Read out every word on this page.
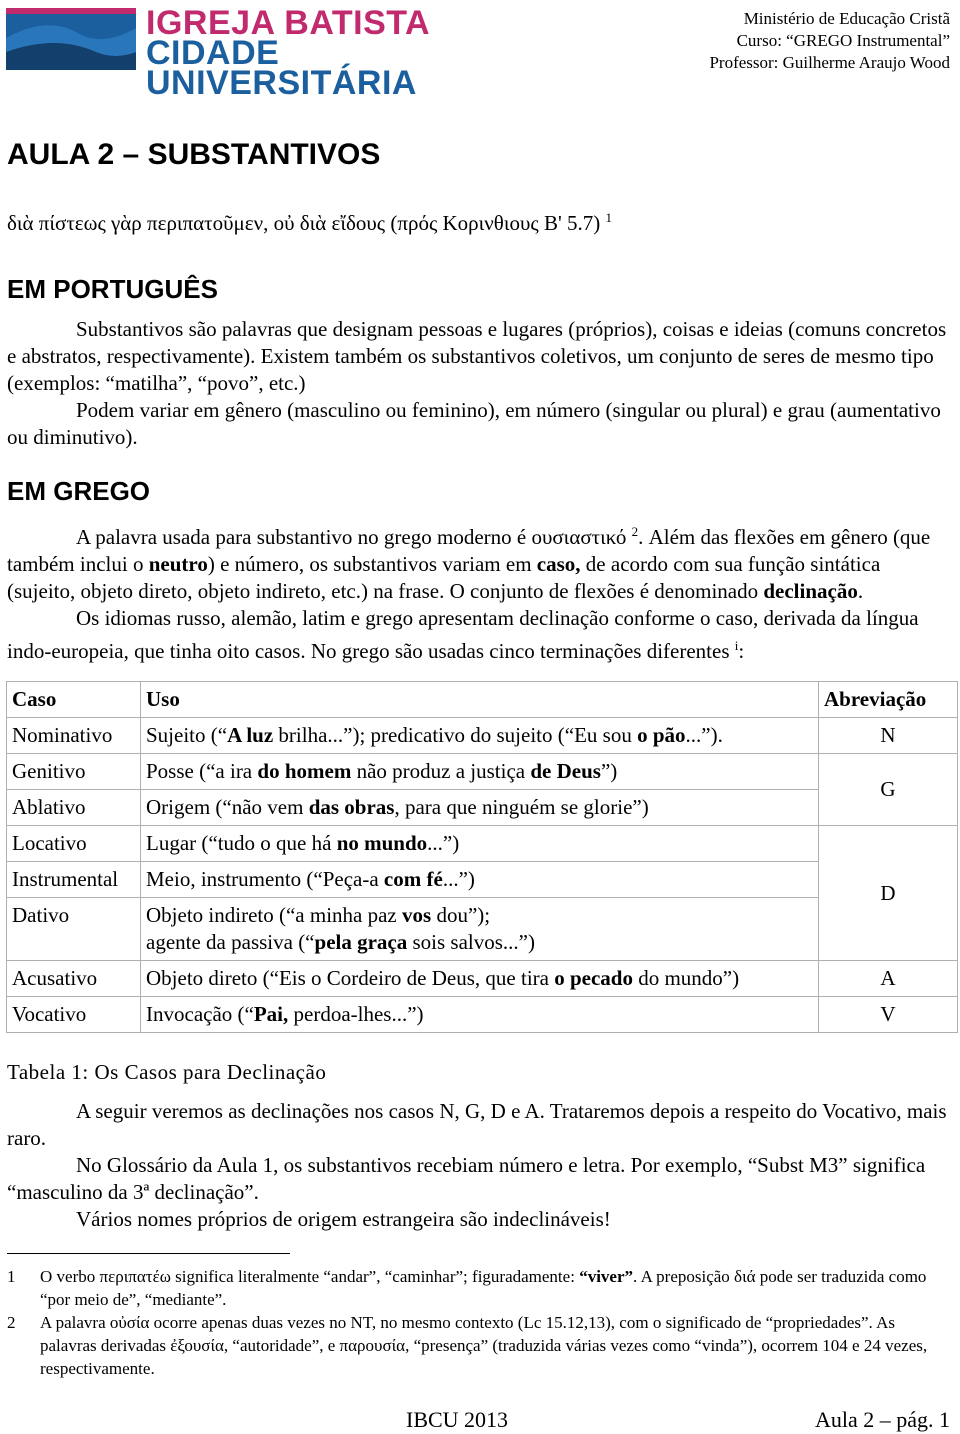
IGREJA BATISTA
CIDADE UNIVERSITÁRIA
Ministério de Educação Cristã
Curso: “GREGO Instrumental”
Professor: Guilherme Araujo Wood
AULA 2 – SUBSTANTIVOS
διὰ πίστεως γὰρ περιπατοῦμεν, οὐ διὰ εἴδους (πρός Κορινθιους Β' 5.7) $^1$
EM PORTUGUÊS

Substantivos são palavras que designam pessoas e lugares (próprios), coisas e ideias (comuns concretos e abstratos, respectivamente). Existem também os substantivos coletivos, um conjunto de seres de mesmo tipo (exemplos: “matilha”, “povo”, etc.)

Podem variar em gênero (masculino ou feminino), em número (singular ou plural) e grau (aumentativo ou diminutivo).

EM GREGO

A palavra usada para substantivo no grego moderno é ουσιαστικό $^2$. Além das flexões em gênero (que também inclui o neutro) e número, os substantivos variam em caso, de acordo com sua função sintática (sujeito, objeto direto, objeto indireto, etc.) na frase. O conjunto de flexões é denominado declinação.

Os idiomas russo, alemão, latim e grego apresentam declinação conforme o caso, derivada da língua indo-europeia, que tinha oito casos. No grego são usadas cinco terminações diferentes $^i$:

Caso	Uso	Abreviação
Nominativo	Sujeito (“A luz brilha...”); predicativo do sujeito (“Eu sou o pão...”).	N
Genitivo	Posse (“a ira do homem não produz a justiça de Deus”)	G
Ablativo	Origem (“não vem das obras, para que ninguém se glorie”)	
Locativo	Lugar (“tudo o que há no mundo...”)	D
Instrumental	Meio, instrumento (“Peça-a com fé...”)	
Dativo	Objeto indireto (“a minha paz vos dou”);
agente da passiva (“pela graça sois salvos...”)	
Acusativo	Objeto direto (“Eis o Cordeiro de Deus, que tira o pecado do mundo”)	A
Vocativo	Invocação (“Pai, perdoa-lhes...”)	V
Tabela 1: Os Casos para Declinação

A seguir veremos as declinações nos casos N, G, D e A. Trataremos depois a respeito do Vocativo, mais raro.

No Glossário da Aula 1, os substantivos recebiam número e letra. Por exemplo, “Subst M3” significa “masculino da 3ª declinação”.

Vários nomes próprios de origem estrangeira são indeclináveis!

1 O verbo περιπατέω significa literalmente “andar”, “caminhar”; figuradamente: “viver”. A preposição διά pode ser traduzida como “por meio de”, “mediante”.
2 A palavra οὐσία ocorre apenas duas vezes no NT, no mesmo contexto (Lc 15.12,13), com o significado de “propriedades”. As palavras derivadas ἐξουσία, “autoridade”, e παρουσία, “presença” (traduzida várias vezes como “vinda”), ocorrem 104 e 24 vezes, respectivamente.
IBCU 2013	Aula 2 – pág. 1
